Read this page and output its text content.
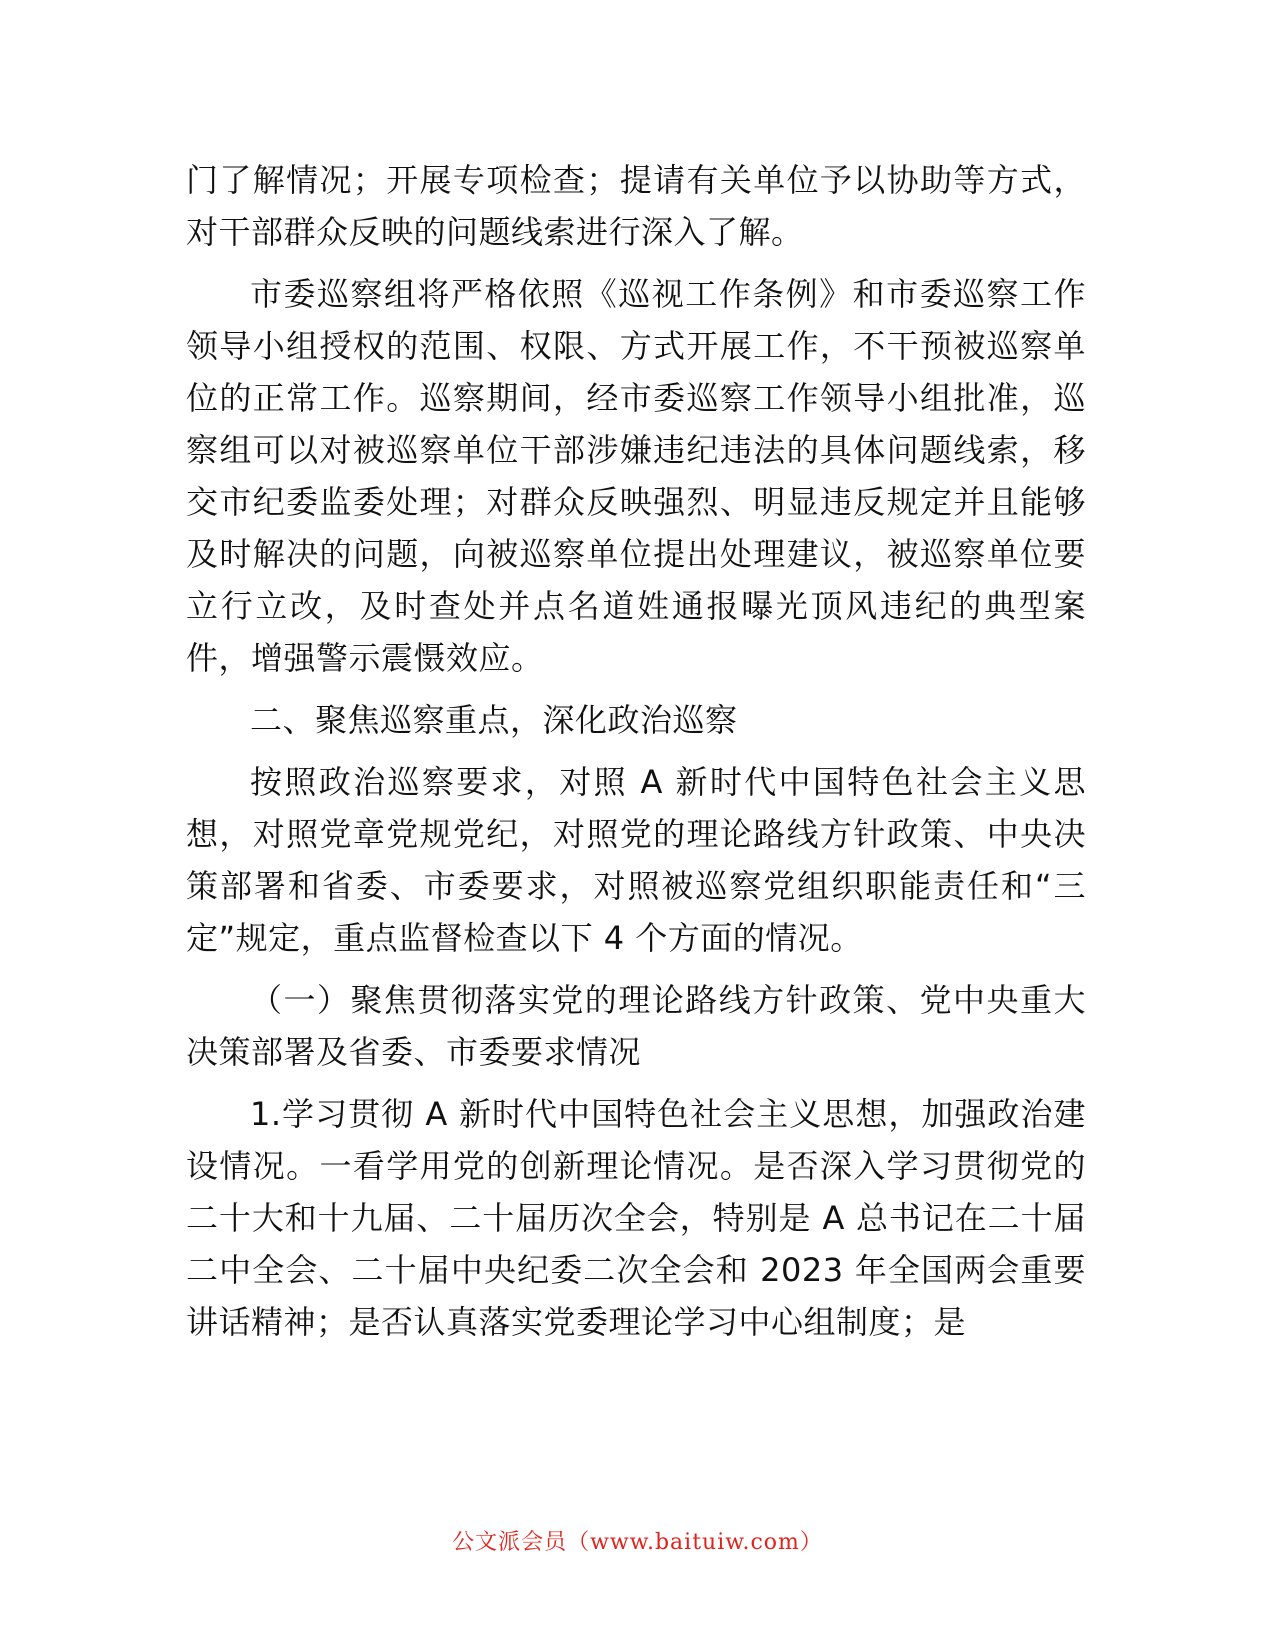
门了解情况；开展专项检查；提请有关单位予以协助等方式，对干部群众反映的问题线索进行深入了解。

市委巡察组将严格依照《巡视工作条例》和市委巡察工作领导小组授权的范围、权限、方式开展工作，不干预被巡察单位的正常工作。巡察期间，经市委巡察工作领导小组批准，巡察组可以对被巡察单位干部涉嫌违纪违法的具体问题线索，移交市纪委监委处理；对群众反映强烈、明显违反规定并且能够及时解决的问题，向被巡察单位提出处理建议，被巡察单位要立行立改，及时查处并点名道姓通报曝光顶风违纪的典型案件，增强警示震慑效应。

二、聚焦巡察重点，深化政治巡察

按照政治巡察要求，对照 A 新时代中国特色社会主义思想，对照党章党规党纪，对照党的理论路线方针政策、中央决策部署和省委、市委要求，对照被巡察党组织职能责任和“三定”规定，重点监督检查以下 4 个方面的情况。

（一）聚焦贯彻落实党的理论路线方针政策、党中央重大决策部署及省委、市委要求情况

1.学习贯彻 A 新时代中国特色社会主义思想，加强政治建设情况。一看学用党的创新理论情况。是否深入学习贯彻党的二十大和十九届、二十届历次全会，特别是 A 总书记在二十届二中全会、二十届中央纪委二次全会和 2023 年全国两会重要讲话精神；是否认真落实党委理论学习中心组制度；是

公文派会员（www.baituiw.com）
